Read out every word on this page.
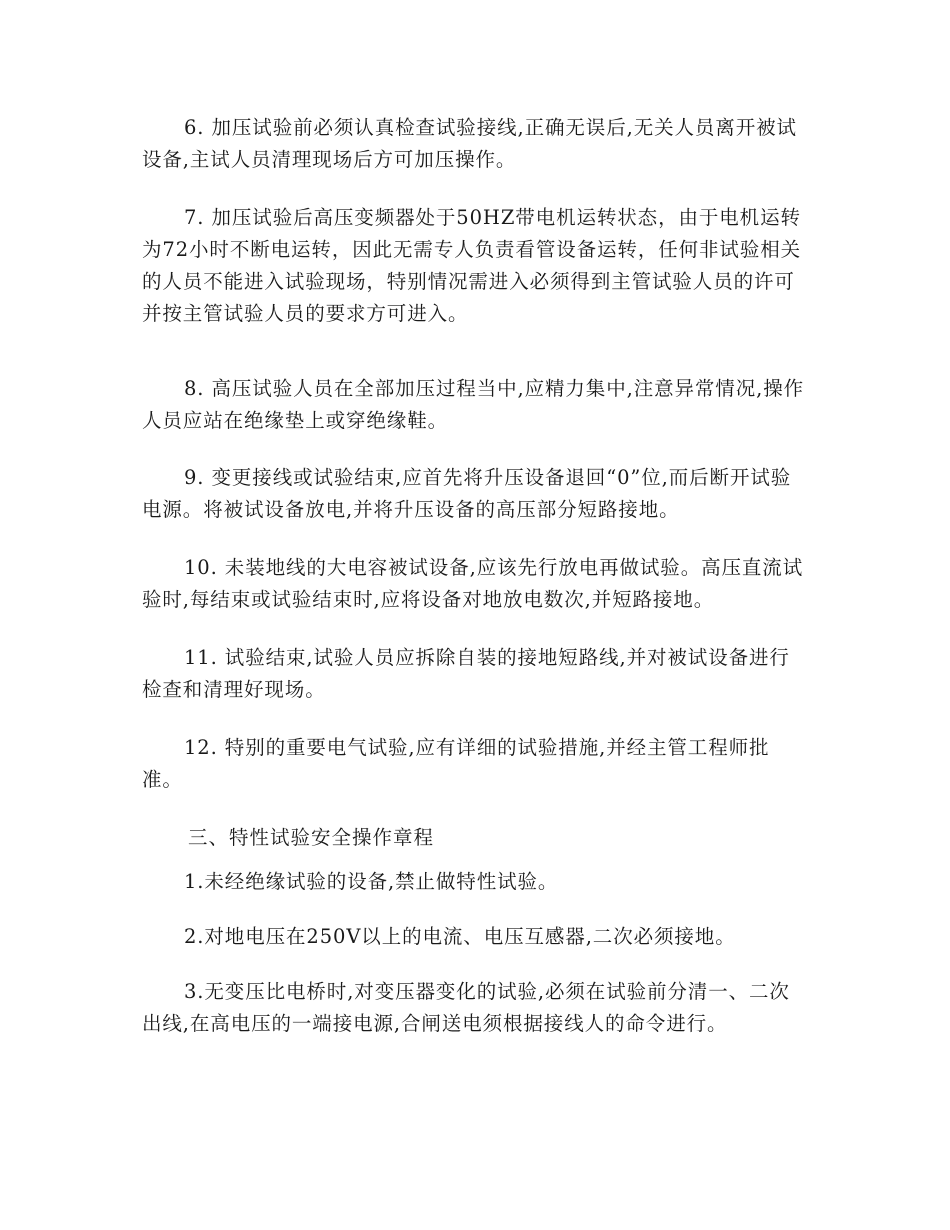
6. 加压试验前必须认真检查试验接线,正确无误后,无关人员离开被试设备,主试人员清理现场后方可加压操作。

7. 加压试验后高压变频器处于50HZ带电机运转状态，由于电机运转为72小时不断电运转，因此无需专人负责看管设备运转，任何非试验相关的人员不能进入试验现场，特别情况需进入必须得到主管试验人员的许可并按主管试验人员的要求方可进入。

8. 高压试验人员在全部加压过程当中,应精力集中,注意异常情况,操作人员应站在绝缘垫上或穿绝缘鞋。

9. 变更接线或试验结束,应首先将升压设备退回“0”位,而后断开试验电源。将被试设备放电,并将升压设备的高压部分短路接地。

10. 未装地线的大电容被试设备,应该先行放电再做试验。高压直流试验时,每结束或试验结束时,应将设备对地放电数次,并短路接地。

11. 试验结束,试验人员应拆除自装的接地短路线,并对被试设备进行检查和清理好现场。

12. 特别的重要电气试验,应有详细的试验措施,并经主管工程师批准。

三、特性试验安全操作章程

1.未经绝缘试验的设备,禁止做特性试验。

2.对地电压在250V以上的电流、电压互感器,二次必须接地。

3.无变压比电桥时,对变压器变化的试验,必须在试验前分清一、二次出线,在高电压的一端接电源,合闸送电须根据接线人的命令进行。
